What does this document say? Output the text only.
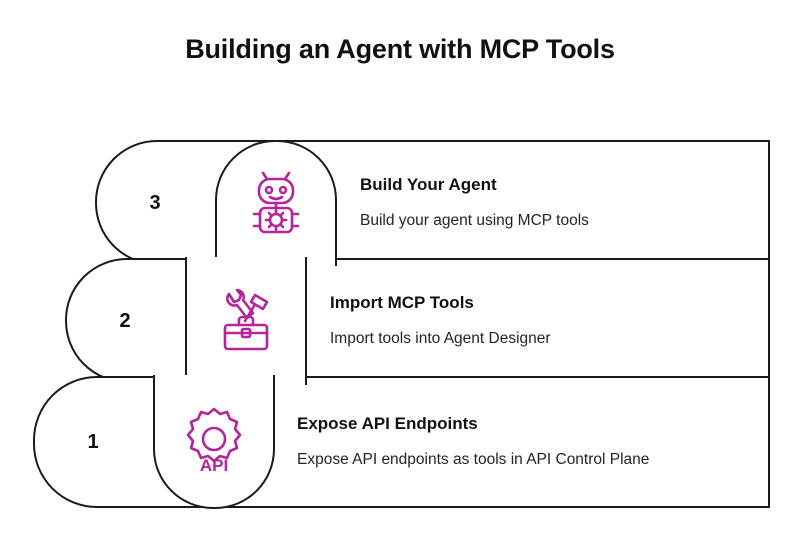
Building an Agent with MCP Tools
3
2
1
API
Build Your Agent
Build your agent using MCP tools
Import MCP Tools
Import tools into Agent Designer
Expose API Endpoints
Expose API endpoints as tools in API Control Plane
